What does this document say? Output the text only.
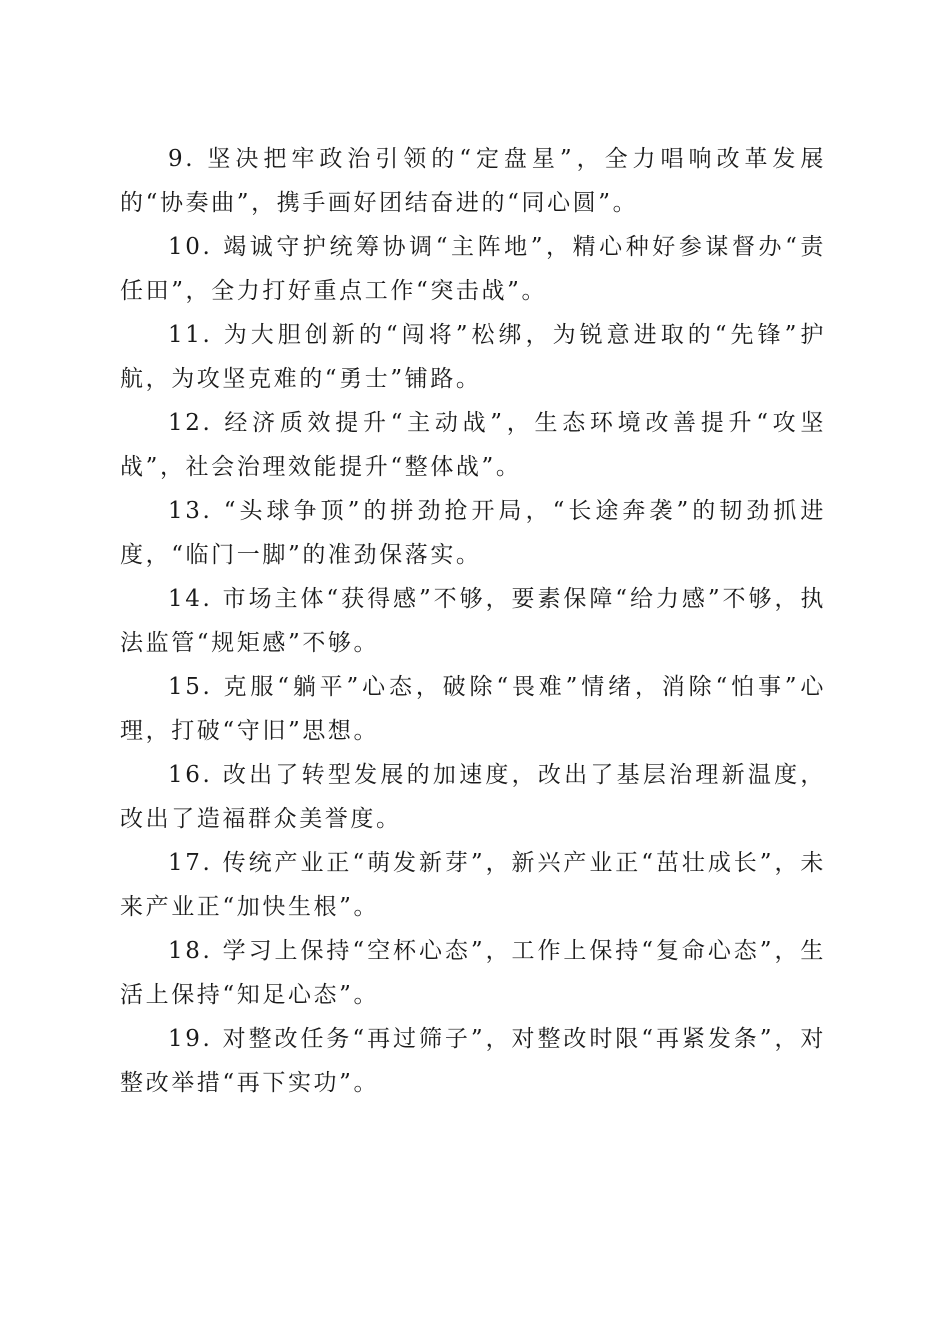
9. 坚决把牢政治引领的“定盘星”，全力唱响改革发展的“协奏曲”，携手画好团结奋进的“同心圆”。

10. 竭诚守护统筹协调“主阵地”，精心种好参谋督办“责任田”，全力打好重点工作“突击战”。

11. 为大胆创新的“闯将”松绑，为锐意进取的“先锋”护航，为攻坚克难的“勇士”铺路。

12. 经济质效提升“主动战”，生态环境改善提升“攻坚战”，社会治理效能提升“整体战”。

13. “头球争顶”的拼劲抢开局，“长途奔袭”的韧劲抓进度，“临门一脚”的准劲保落实。

14. 市场主体“获得感”不够，要素保障“给力感”不够，执法监管“规矩感”不够。

15. 克服“躺平”心态，破除“畏难”情绪，消除“怕事”心理，打破“守旧”思想。

16. 改出了转型发展的加速度，改出了基层治理新温度，改出了造福群众美誉度。

17. 传统产业正“萌发新芽”，新兴产业正“茁壮成长”，未来产业正“加快生根”。

18. 学习上保持“空杯心态”，工作上保持“复命心态”，生活上保持“知足心态”。

19. 对整改任务“再过筛子”，对整改时限“再紧发条”，对整改举措“再下实功”。
